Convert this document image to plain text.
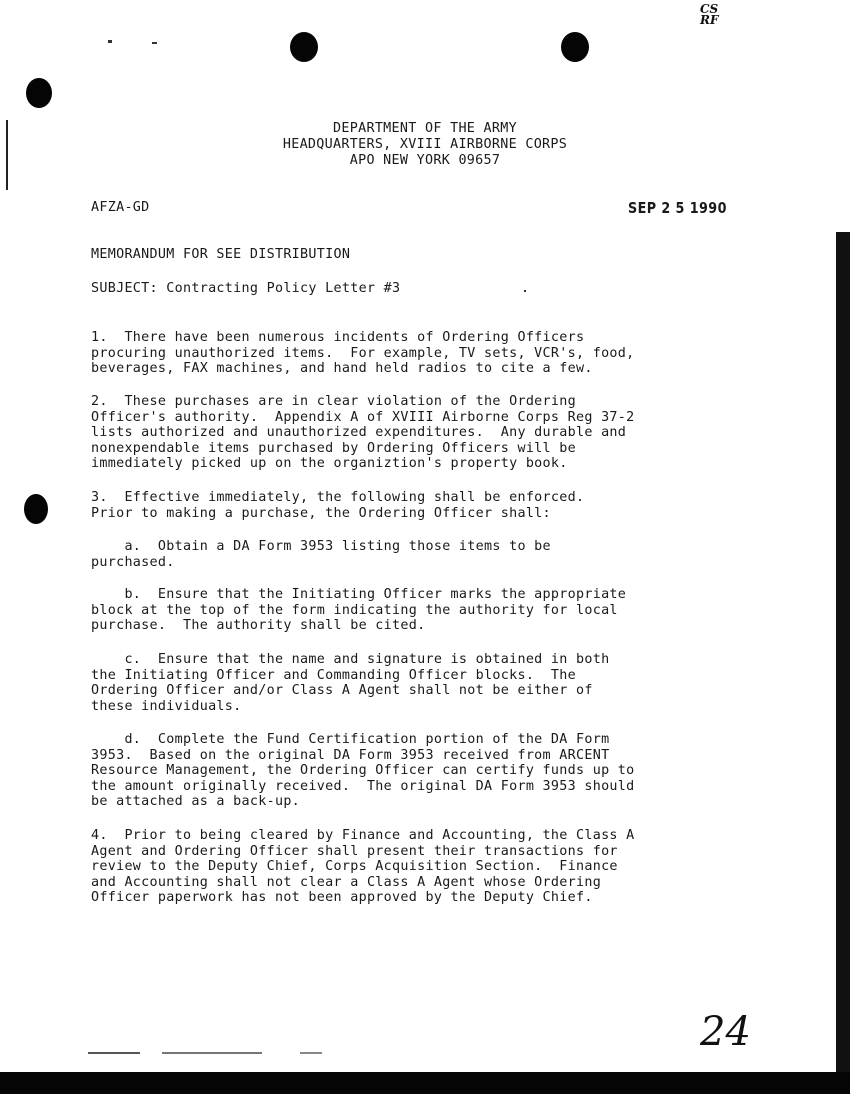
CS
RF
DEPARTMENT OF THE ARMY
HEADQUARTERS, XVIII AIRBORNE CORPS
APO NEW YORK 09657
AFZA-GD	SEP 2 5 1990
MEMORANDUM FOR SEE DISTRIBUTION
SUBJECT: Contracting Policy Letter #3
1.  There have been numerous incidents of Ordering Officers
procuring unauthorized items.  For example, TV sets, VCR's, food,
beverages, FAX machines, and hand held radios to cite a few.
2.  These purchases are in clear violation of the Ordering
Officer's authority.  Appendix A of XVIII Airborne Corps Reg 37-2
lists authorized and unauthorized expenditures.  Any durable and
nonexpendable items purchased by Ordering Officers will be
immediately picked up on the organiztion's property book.
3.  Effective immediately, the following shall be enforced.
Prior to making a purchase, the Ordering Officer shall:
a.  Obtain a DA Form 3953 listing those items to be
purchased.
b.  Ensure that the Initiating Officer marks the appropriate
block at the top of the form indicating the authority for local
purchase.  The authority shall be cited.
c.  Ensure that the name and signature is obtained in both
the Initiating Officer and Commanding Officer blocks.  The
Ordering Officer and/or Class A Agent shall not be either of
these individuals.
d.  Complete the Fund Certification portion of the DA Form
3953.  Based on the original DA Form 3953 received from ARCENT
Resource Management, the Ordering Officer can certify funds up to
the amount originally received.  The original DA Form 3953 should
be attached as a back-up.
4.  Prior to being cleared by Finance and Accounting, the Class A
Agent and Ordering Officer shall present their transactions for
review to the Deputy Chief, Corps Acquisition Section.  Finance
and Accounting shall not clear a Class A Agent whose Ordering
Officer paperwork has not been approved by the Deputy Chief.
24
